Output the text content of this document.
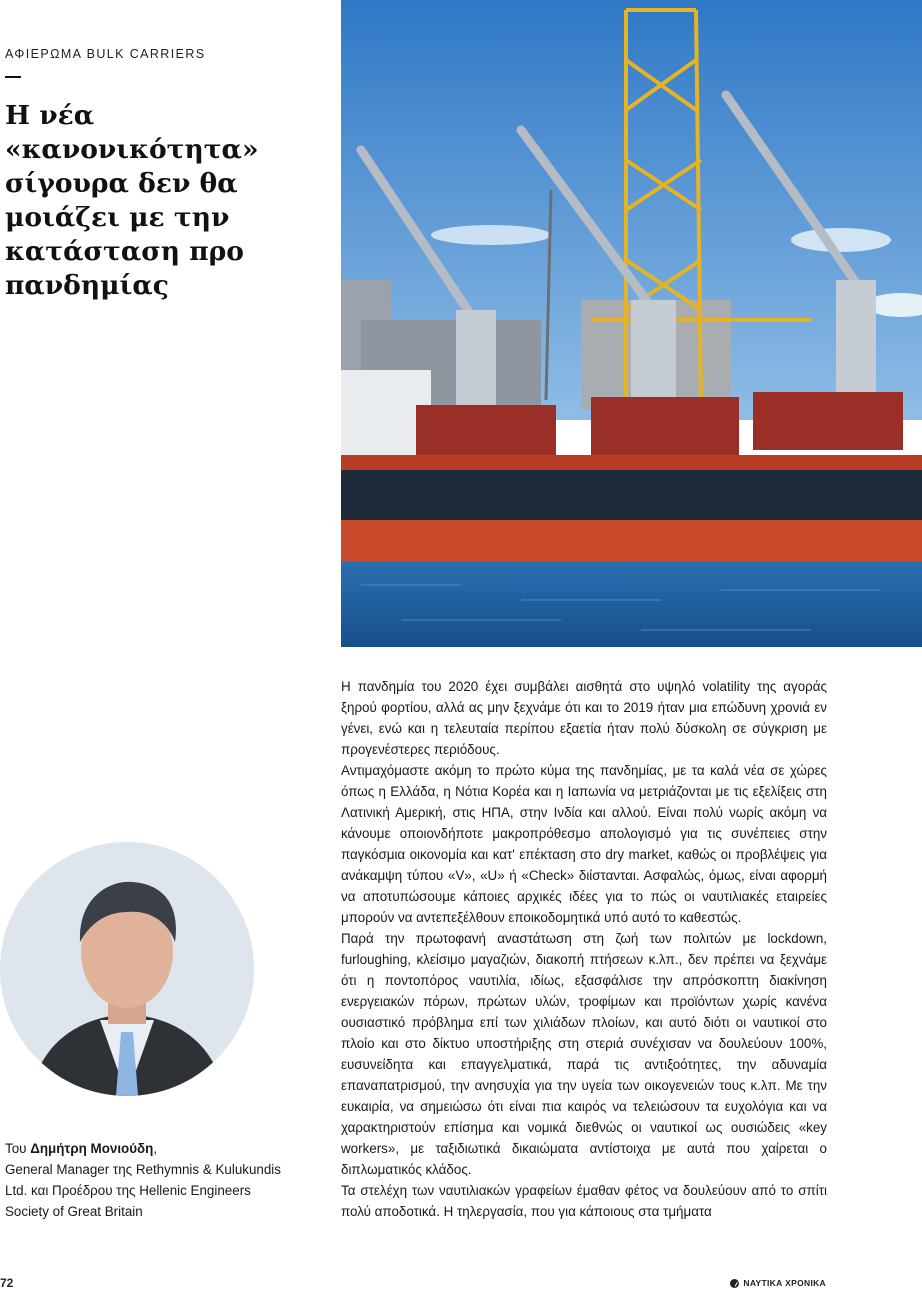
ΑΦΙΕΡΩΜΑ BULK CARRIERS
Η νέα «κανονικότητα» σίγουρα δεν θα μοιάζει με την κατάσταση προ πανδημίας

Του Δημήτρη Μονιούδη,

General Manager της Rethymnis & Kulukundis

Ltd. και Προέδρου της Hellenic Engineers

Society of Great Britain

Η πανδημία του 2020 έχει συμβάλει αισθητά στο υψηλό volatility της αγοράς ξηρού φορτίου, αλλά ας μην ξεχνάμε ότι και το 2019 ήταν μια επώδυνη χρονιά εν γένει, ενώ και η τελευταία περίπου εξαετία ήταν πολύ δύσκολη σε σύγκριση με προγενέστερες περιόδους.

Αντιμαχόμαστε ακόμη το πρώτο κύμα της πανδημίας, με τα καλά νέα σε χώρες όπως η Ελλάδα, η Νότια Κορέα και η Ιαπωνία να μετριάζονται με τις εξελίξεις στη Λατινική Αμερική, στις ΗΠΑ, στην Ινδία και αλλού. Είναι πολύ νωρίς ακόμη να κάνουμε οποιονδήποτε μακροπρόθεσμο απολογισμό για τις συνέπειες στην παγκόσμια οικονομία και κατ' επέκταση στο dry market, καθώς οι προβλέψεις για ανάκαμψη τύπου «V», «U» ή «Check» διίστανται. Ασφαλώς, όμως, είναι αφορμή να αποτυπώσουμε κάποιες αρχικές ιδέες για το πώς οι ναυτιλιακές εταιρείες μπορούν να αντεπεξέλθουν εποικοδομητικά υπό αυτό το καθεστώς.

Παρά την πρωτοφανή αναστάτωση στη ζωή των πολιτών με lockdown, furloughing, κλείσιμο μαγαζιών, διακοπή πτήσεων κ.λπ., δεν πρέπει να ξεχνάμε ότι η ποντοπόρος ναυτιλία, ιδίως, εξασφάλισε την απρόσκοπτη διακίνηση ενεργειακών πόρων, πρώτων υλών, τροφίμων και προϊόντων χωρίς κανένα ουσιαστικό πρόβλημα επί των χιλιάδων πλοίων, και αυτό διότι οι ναυτικοί στο πλοίο και στο δίκτυο υποστήριξης στη στεριά συνέχισαν να δουλεύουν 100%, ευσυνείδητα και επαγγελματικά, παρά τις αντιξοότητες, την αδυναμία επαναπατρισμού, την ανησυχία για την υγεία των οικογενειών τους κ.λπ. Με την ευκαιρία, να σημειώσω ότι είναι πια καιρός να τελειώσουν τα ευχολόγια και να χαρακτηριστούν επίσημα και νομικά διεθνώς οι ναυτικοί ως ουσιώδεις «key workers», με ταξιδιωτικά δικαιώματα αντίστοιχα με αυτά που χαίρεται ο διπλωματικός κλάδος.

Τα στελέχη των ναυτιλιακών γραφείων έμαθαν φέτος να δουλεύουν από το σπίτι πολύ αποδοτικά. Η τηλεργασία, που για κάποιους στα τμήματα

72	ΝΑΥΤΙΚΑ ΧΡΟΝΙΚΑ
